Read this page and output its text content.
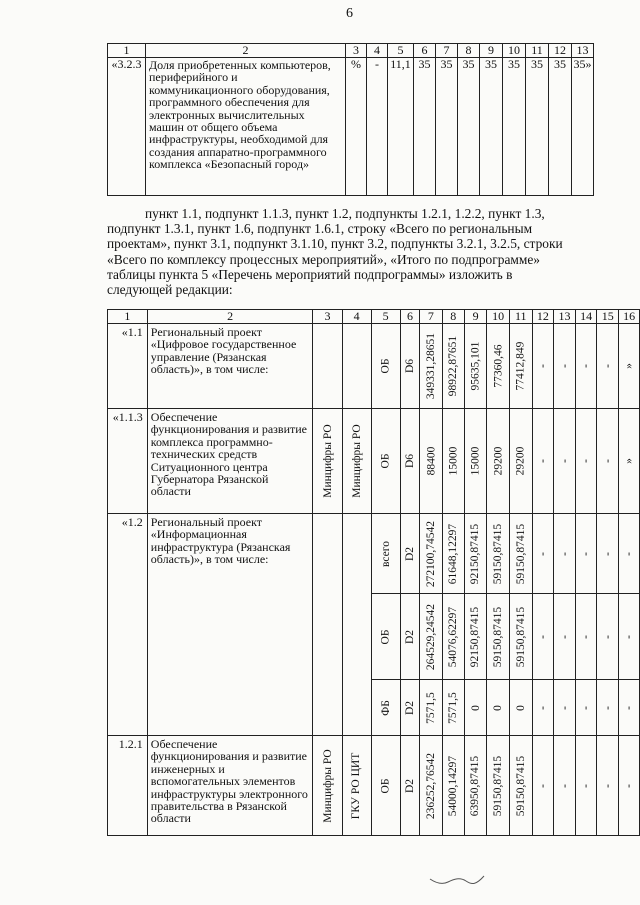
6
1	2	3	4	5	6	7	8	9	10	11	12	13
«3.2.3	Доля приобретенных компьютеров, периферийного и коммуникационного оборудования, программного обеспечения для электронных вычислительных машин от общего объема инфраструктуры, необходимой для создания аппаратно-программного комплекса «Безопасный город»	%	-	11,1	35	35	35	35	35	35	35	35»
пункт 1.1, подпункт 1.1.3, пункт 1.2, подпункты 1.2.1, 1.2.2, пункт 1.3,
подпункт 1.3.1, пункт 1.6, подпункт 1.6.1, строку «Всего по региональным
проектам», пункт 3.1, подпункт 3.1.10, пункт 3.2, подпункты 3.2.1, 3.2.5, строки
«Всего по комплексу процессных мероприятий», «Итого по подпрограмме»
таблицы пункта 5 «Перечень мероприятий подпрограммы» изложить в
следующей редакции:
1	2	3	4	5	6	7	8	9	10	11	12	13	14	15	16
«1.1	Региональный проект «Цифровое государственное управление (Рязанская область)», в том числе:			ОБ	D6	349331,28651	98922,87651	95635,101	77360,46	77412,849	-	-	-	-	»

«1.1.3	Обеспечение функционирования и развитие комплекса программно-технических средств Ситуационного центра Губернатора Рязанской области	Минцифры РО	Минцифры РО	ОБ	D6	88400	15000	15000	29200	29200	-	-	-	-	»

«1.2	Региональный проект «Информационная инфраструктура (Рязанская область)», в том числе:			всего	D2	272100,74542	61648,12297	92150,87415	59150,87415	59150,87415	-	-	-	-	-

				ОБ	D2	264529,24542	54076,62297	92150,87415	59150,87415	59150,87415	-	-	-	-	-

				ФБ	D2	7571,5	7571,5	0	0	0	-	-	-	-	-

1.2.1	Обеспечение функционирования и развитие инженерных и вспомогательных элементов инфраструктуры электронного правительства в Рязанской области	Минцифры РО	ГКУ РО ЦИТ	ОБ	D2	236252,76542	54000,14297	63950,87415	59150,87415	59150,87415	-	-	-	-	-
